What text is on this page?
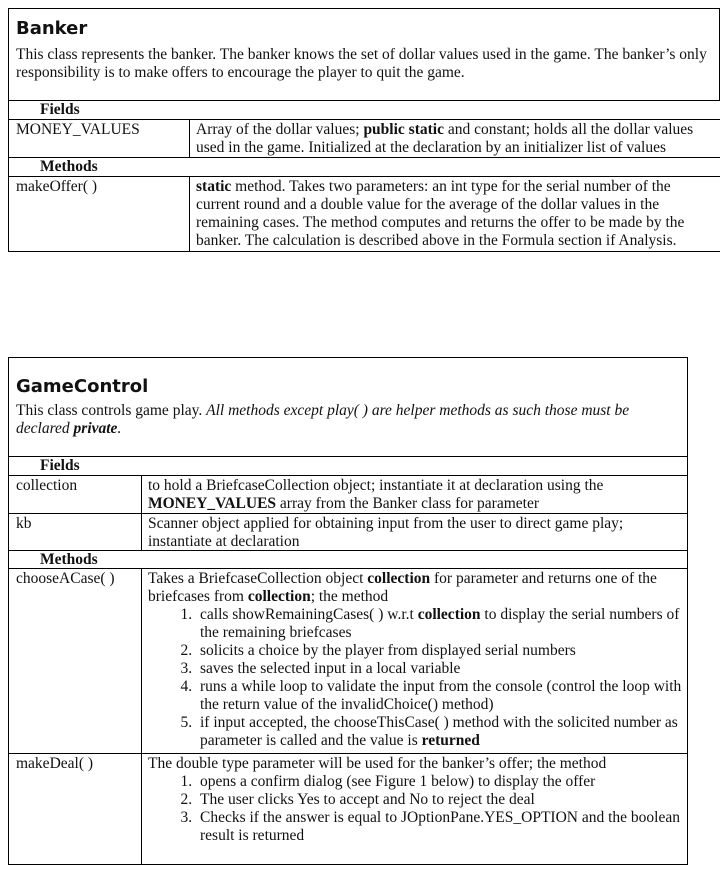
Banker
This class represents the banker. The banker knows the set of dollar values used in the game. The banker’s only responsibility is to make offers to encourage the player to quit the game.
Fields
MONEY_VALUES	Array of the dollar values; public static and constant; holds all the dollar values used in the game. Initialized at the declaration by an initializer list of values
Methods
makeOffer( )	static method. Takes two parameters: an int type for the serial number of the current round and a double value for the average of the dollar values in the remaining cases. The method computes and returns the offer to be made by the banker. The calculation is described above in the Formula section if Analysis.
GameControl
This class controls game play. All methods except play( ) are helper methods as such those must be declared private.
Fields
collection	to hold a BriefcaseCollection object; instantiate it at declaration using the MONEY_VALUES array from the Banker class for parameter
kb	Scanner object applied for obtaining input from the user to direct game play; instantiate at declaration
Methods
chooseACase( ) Takes a BriefcaseCollection object collection for parameter and returns one of the briefcases from collection; the method
1. calls showRemainingCases( ) w.r.t collection to display the serial numbers of the remaining briefcases
2. solicits a choice by the player from displayed serial numbers
3. saves the selected input in a local variable
4. runs a while loop to validate the input from the console (control the loop with the return value of the invalidChoice() method)
5. if input accepted, the chooseThisCase( ) method with the solicited number as parameter is called and the value is returned
makeDeal( )	The double type parameter will be used for the banker’s offer; the method
1. opens a confirm dialog (see Figure 1 below) to display the offer
2. The user clicks Yes to accept and No to reject the deal
3. Checks if the answer is equal to JOptionPane.YES_OPTION and the boolean result is returned
